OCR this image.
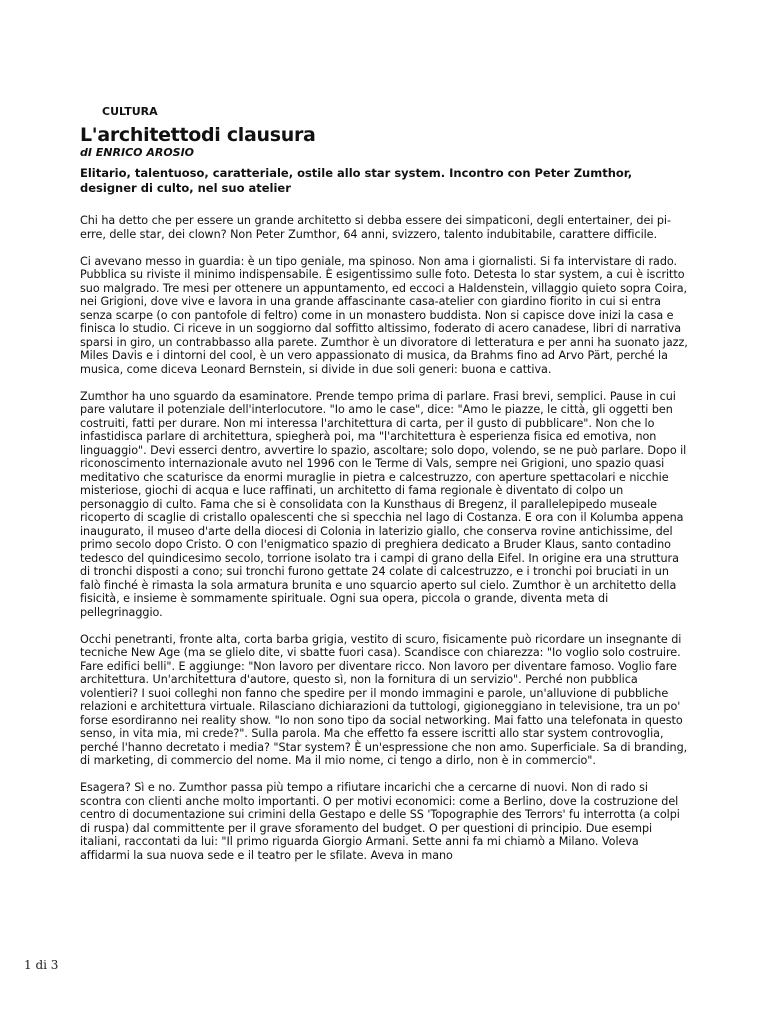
CULTURA
L'architettodi clausura
dI ENRICO AROSIO
Elitario, talentuoso, caratteriale, ostile allo star system. Incontro con Peter Zumthor, designer di culto, nel suo atelier

Chi ha detto che per essere un grande architetto si debba essere dei simpaticoni, degli entertainer, dei pi-erre, delle star, dei clown? Non Peter Zumthor, 64 anni, svizzero, talento indubitabile, carattere difficile.

Ci avevano messo in guardia: è un tipo geniale, ma spinoso. Non ama i giornalisti. Si fa intervistare di rado. Pubblica su riviste il minimo indispensabile. È esigentissimo sulle foto. Detesta lo star system, a cui è iscritto suo malgrado. Tre mesi per ottenere un appuntamento, ed eccoci a Haldenstein, villaggio quieto sopra Coira, nei Grigioni, dove vive e lavora in una grande affascinante casa-atelier con giardino fiorito in cui si entra senza scarpe (o con pantofole di feltro) come in un monastero buddista. Non si capisce dove inizi la casa e finisca lo studio. Ci riceve in un soggiorno dal soffitto altissimo, foderato di acero canadese, libri di narrativa sparsi in giro, un contrabbasso alla parete. Zumthor è un divoratore di letteratura e per anni ha suonato jazz, Miles Davis e i dintorni del cool, è un vero appassionato di musica, da Brahms fino ad Arvo Pärt, perché la musica, come diceva Leonard Bernstein, si divide in due soli generi: buona e cattiva.

Zumthor ha uno sguardo da esaminatore. Prende tempo prima di parlare. Frasi brevi, semplici. Pause in cui pare valutare il potenziale dell'interlocutore. "Io amo le case", dice: "Amo le piazze, le città, gli oggetti ben costruiti, fatti per durare. Non mi interessa l'architettura di carta, per il gusto di pubblicare". Non che lo infastidisca parlare di architettura, spiegherà poi, ma "l'architettura è esperienza fisica ed emotiva, non linguaggio". Devi esserci dentro, avvertire lo spazio, ascoltare; solo dopo, volendo, se ne può parlare. Dopo il riconoscimento internazionale avuto nel 1996 con le Terme di Vals, sempre nei Grigioni, uno spazio quasi meditativo che scaturisce da enormi muraglie in pietra e calcestruzzo, con aperture spettacolari e nicchie misteriose, giochi di acqua e luce raffinati, un architetto di fama regionale è diventato di colpo un personaggio di culto. Fama che si è consolidata con la Kunsthaus di Bregenz, il parallelepipedo museale ricoperto di scaglie di cristallo opalescenti che si specchia nel lago di Costanza. E ora con il Kolumba appena inaugurato, il museo d'arte della diocesi di Colonia in laterizio giallo, che conserva rovine antichissime, del primo secolo dopo Cristo. O con l'enigmatico spazio di preghiera dedicato a Bruder Klaus, santo contadino tedesco del quindicesimo secolo, torrione isolato tra i campi di grano della Eifel. In origine era una struttura di tronchi disposti a cono; sui tronchi furono gettate 24 colate di calcestruzzo, e i tronchi poi bruciati in un falò finché è rimasta la sola armatura brunita e uno squarcio aperto sul cielo. Zumthor è un architetto della fisicità, e insieme è sommamente spirituale. Ogni sua opera, piccola o grande, diventa meta di pellegrinaggio.

Occhi penetranti, fronte alta, corta barba grigia, vestito di scuro, fisicamente può ricordare un insegnante di tecniche New Age (ma se glielo dite, vi sbatte fuori casa). Scandisce con chiarezza: "Io voglio solo costruire. Fare edifici belli". E aggiunge: "Non lavoro per diventare ricco. Non lavoro per diventare famoso. Voglio fare architettura. Un'architettura d'autore, questo sì, non la fornitura di un servizio". Perché non pubblica volentieri? I suoi colleghi non fanno che spedire per il mondo immagini e parole, un'alluvione di pubbliche relazioni e architettura virtuale. Rilasciano dichiarazioni da tuttologi, gigioneggiano in televisione, tra un po' forse esordiranno nei reality show. "Io non sono tipo da social networking. Mai fatto una telefonata in questo senso, in vita mia, mi crede?". Sulla parola. Ma che effetto fa essere iscritti allo star system controvoglia, perché l'hanno decretato i media? "Star system? È un'espressione che non amo. Superficiale. Sa di branding, di marketing, di commercio del nome. Ma il mio nome, ci tengo a dirlo, non è in commercio".

Esagera? Sì e no. Zumthor passa più tempo a rifiutare incarichi che a cercarne di nuovi. Non di rado si scontra con clienti anche molto importanti. O per motivi economici: come a Berlino, dove la costruzione del centro di documentazione sui crimini della Gestapo e delle SS 'Topographie des Terrors' fu interrotta (a colpi di ruspa) dal committente per il grave sforamento del budget. O per questioni di principio. Due esempi italiani, raccontati da lui: "Il primo riguarda Giorgio Armani. Sette anni fa mi chiamò a Milano. Voleva affidarmi la sua nuova sede e il teatro per le sfilate. Aveva in mano

1 di 3
